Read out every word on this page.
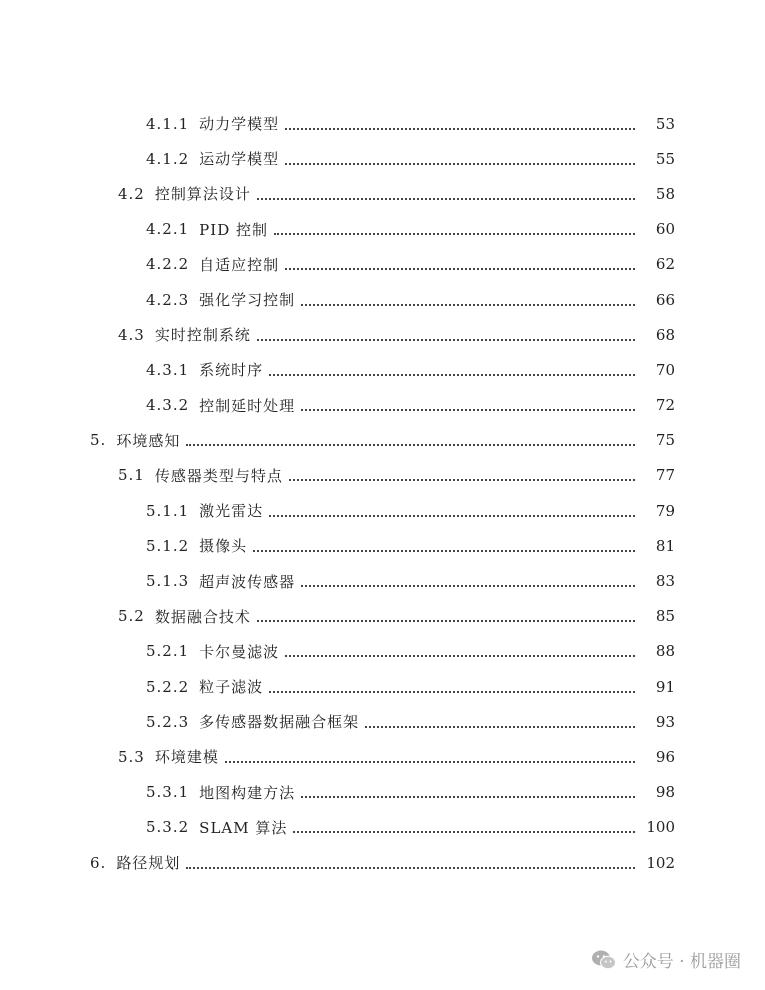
4.1.1 动力学模型	53
4.1.2 运动学模型	55
4.2 控制算法设计	58
4.2.1 PID 控制	60
4.2.2 自适应控制	62
4.2.3 强化学习控制	66
4.3 实时控制系统	68
4.3.1 系统时序	70
4.3.2 控制延时处理	72
5. 环境感知	75
5.1 传感器类型与特点	77
5.1.1 激光雷达	79
5.1.2 摄像头	81
5.1.3 超声波传感器	83
5.2 数据融合技术	85
5.2.1 卡尔曼滤波	88
5.2.2 粒子滤波	91
5.2.3 多传感器数据融合框架	93
5.3 环境建模	96
5.3.1 地图构建方法	98
5.3.2 SLAM 算法	100
6. 路径规划	102
公众号 · 机器圈
